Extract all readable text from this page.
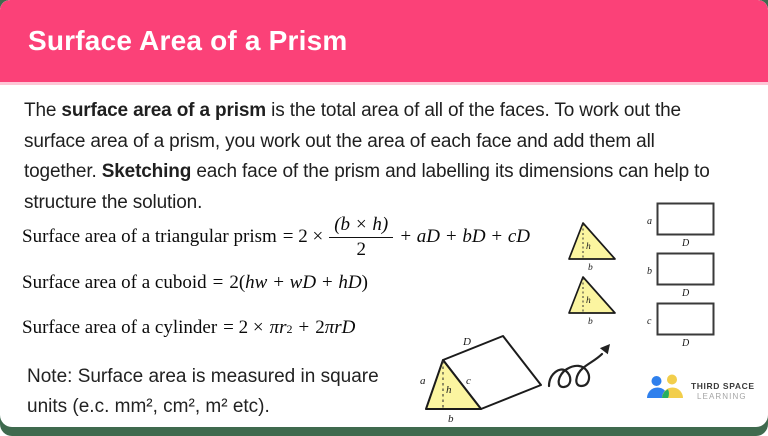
Surface Area of a Prism
The surface area of a prism is the total area of all of the faces. To work out the
surface area of a prism, you work out the area of each face and add them all
together. Sketching each face of the prism and labelling its dimensions can help to
structure the solution.
Surface area of a triangular prism = $2 \times \frac{(b \times h)}{2}$ + aD + bD + cD
Surface area of a cuboid = 2( hw + wD + hD )
Surface area of a cylinder = 2 × πr 2 + 2 πrD
Note: Surface area is measured in square
units (e.c. mm², cm², m² etc).
h
b
h
b
a
D
b
D
c
D
D
a
h
c
b
THIRD SPACE
LEARNING
